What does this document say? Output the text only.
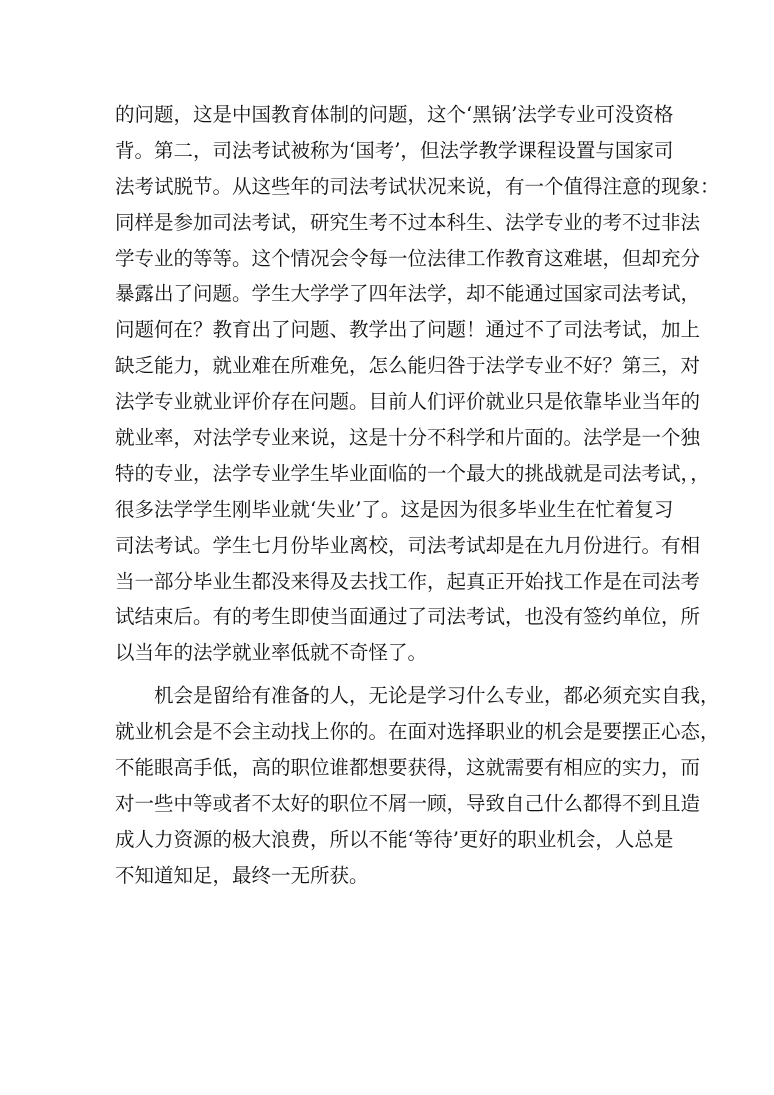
的问题，这是中国教育体制的问题，这个‘黑锅’法学专业可没资格
背。第二，司法考试被称为‘国考’，但法学教学课程设置与国家司
法考试脱节。从这些年的司法考试状况来说，有一个值得注意的现象：
同样是参加司法考试，研究生考不过本科生、法学专业的考不过非法
学专业的等等。这个情况会令每一位法律工作教育这难堪，但却充分
暴露出了问题。学生大学学了四年法学，却不能通过国家司法考试，
问题何在？教育出了问题、教学出了问题！通过不了司法考试，加上
缺乏能力，就业难在所难免，怎么能归咎于法学专业不好？第三，对
法学专业就业评价存在问题。目前人们评价就业只是依靠毕业当年的
就业率，对法学专业来说，这是十分不科学和片面的。法学是一个独
特的专业，法学专业学生毕业面临的一个最大的挑战就是司法考试，，
很多法学学生刚毕业就‘失业’了。这是因为很多毕业生在忙着复习
司法考试。学生七月份毕业离校，司法考试却是在九月份进行。有相
当一部分毕业生都没来得及去找工作，起真正开始找工作是在司法考
试结束后。有的考生即使当面通过了司法考试，也没有签约单位，所
以当年的法学就业率低就不奇怪了。
机会是留给有准备的人，无论是学习什么专业，都必须充实自我，
就业机会是不会主动找上你的。在面对选择职业的机会是要摆正心态，
不能眼高手低，高的职位谁都想要获得，这就需要有相应的实力，而
对一些中等或者不太好的职位不屑一顾，导致自己什么都得不到且造
成人力资源的极大浪费，所以不能‘等待’更好的职业机会，人总是
不知道知足，最终一无所获。
